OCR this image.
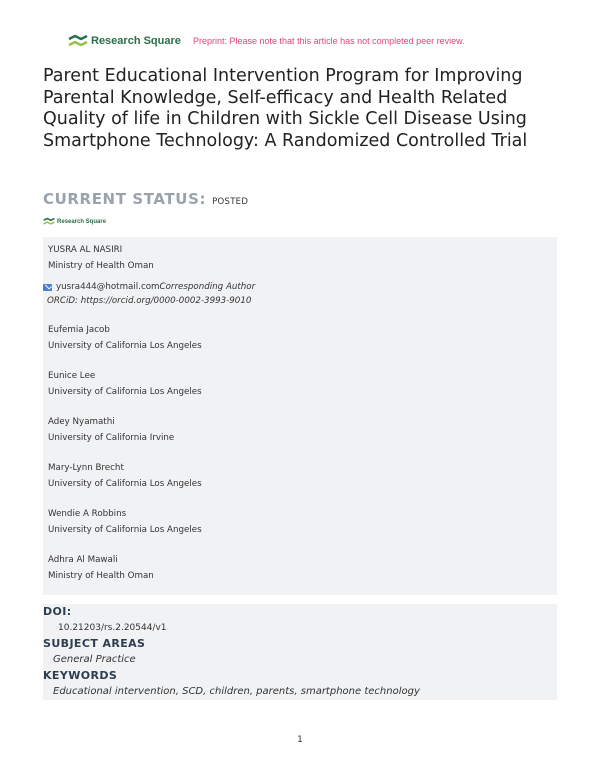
Research Square Preprint: Please note that this article has not completed peer review.
Parent Educational Intervention Program for Improving Parental Knowledge, Self-efficacy and Health Related Quality of life in Children with Sickle Cell Disease Using Smartphone Technology: A Randomized Controlled Trial
CURRENT STATUS: POSTED
Research Square
YUSRA AL NASIRI
Ministry of Health Oman
yusra444@hotmail.com Corresponding Author
ORCiD: https://orcid.org/0000-0002-3993-9010
Eufemia Jacob
University of California Los Angeles
Eunice Lee
University of California Los Angeles
Adey Nyamathi
University of California Irvine
Mary-Lynn Brecht
University of California Los Angeles
Wendie A Robbins
University of California Los Angeles
Adhra Al Mawali
Ministry of Health Oman
DOI:
10.21203/rs.2.20544/v1
SUBJECT AREAS
General Practice
KEYWORDS
Educational intervention, SCD, children, parents, smartphone technology
1
